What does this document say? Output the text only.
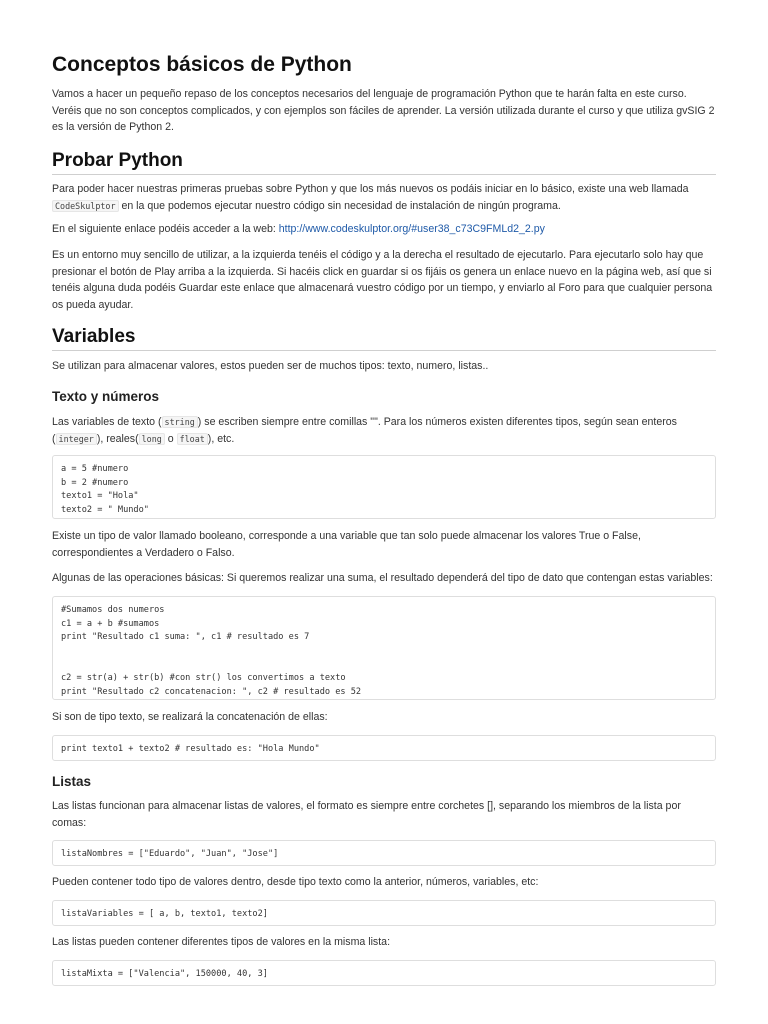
Conceptos básicos de Python

Vamos a hacer un pequeño repaso de los conceptos necesarios del lenguaje de programación Python que te harán falta en este curso. Veréis que no son conceptos complicados, y con ejemplos son fáciles de aprender. La versión utilizada durante el curso y que utiliza gvSIG 2 es la versión de Python 2.

Probar Python

Para poder hacer nuestras primeras pruebas sobre Python y que los más nuevos os podáis iniciar en lo básico, existe una web llamada CodeSkulptor en la que podemos ejecutar nuestro código sin necesidad de instalación de ningún programa.

En el siguiente enlace podéis acceder a la web: http://www.codeskulptor.org/#user38_c73C9FMLd2_2.py

Es un entorno muy sencillo de utilizar, a la izquierda tenéis el código y a la derecha el resultado de ejecutarlo. Para ejecutarlo solo hay que presionar el botón de Play arriba a la izquierda. Si hacéis click en guardar si os fijáis os genera un enlace nuevo en la página web, así que si tenéis alguna duda podéis Guardar este enlace que almacenará vuestro código por un tiempo, y enviarlo al Foro para que cualquier persona os pueda ayudar.

Variables

Se utilizan para almacenar valores, estos pueden ser de muchos tipos: texto, numero, listas..

Texto y números

Las variables de texto ( string ) se escriben siempre entre comillas "". Para los números existen diferentes tipos, según sean enteros ( integer ), reales( long o float ), etc.

a = 5 #numero
b = 2 #numero
texto1 = "Hola"
texto2 = " Mundo"

Existe un tipo de valor llamado booleano, corresponde a una variable que tan solo puede almacenar los valores True o False, correspondientes a Verdadero o Falso.

Algunas de las operaciones básicas: Si queremos realizar una suma, el resultado dependerá del tipo de dato que contengan estas variables:

#Sumamos dos numeros
c1 = a + b #sumamos
print "Resultado c1 suma: ", c1 # resultado es 7

c2 = str(a) + str(b) #con str() los convertimos a texto
print "Resultado c2 concatenacion: ", c2 # resultado es 52

Si son de tipo texto, se realizará la concatenación de ellas:

print texto1 + texto2 # resultado es: "Hola Mundo"
Listas

Las listas funcionan para almacenar listas de valores, el formato es siempre entre corchetes [], separando los miembros de la lista por comas:

listaNombres = ["Eduardo", "Juan", "Jose"]

Pueden contener todo tipo de valores dentro, desde tipo texto como la anterior, números, variables, etc:

listaVariables = [ a, b, texto1, texto2]

Las listas pueden contener diferentes tipos de valores en la misma lista:

listaMixta = ["Valencia", 150000, 40, 3]
